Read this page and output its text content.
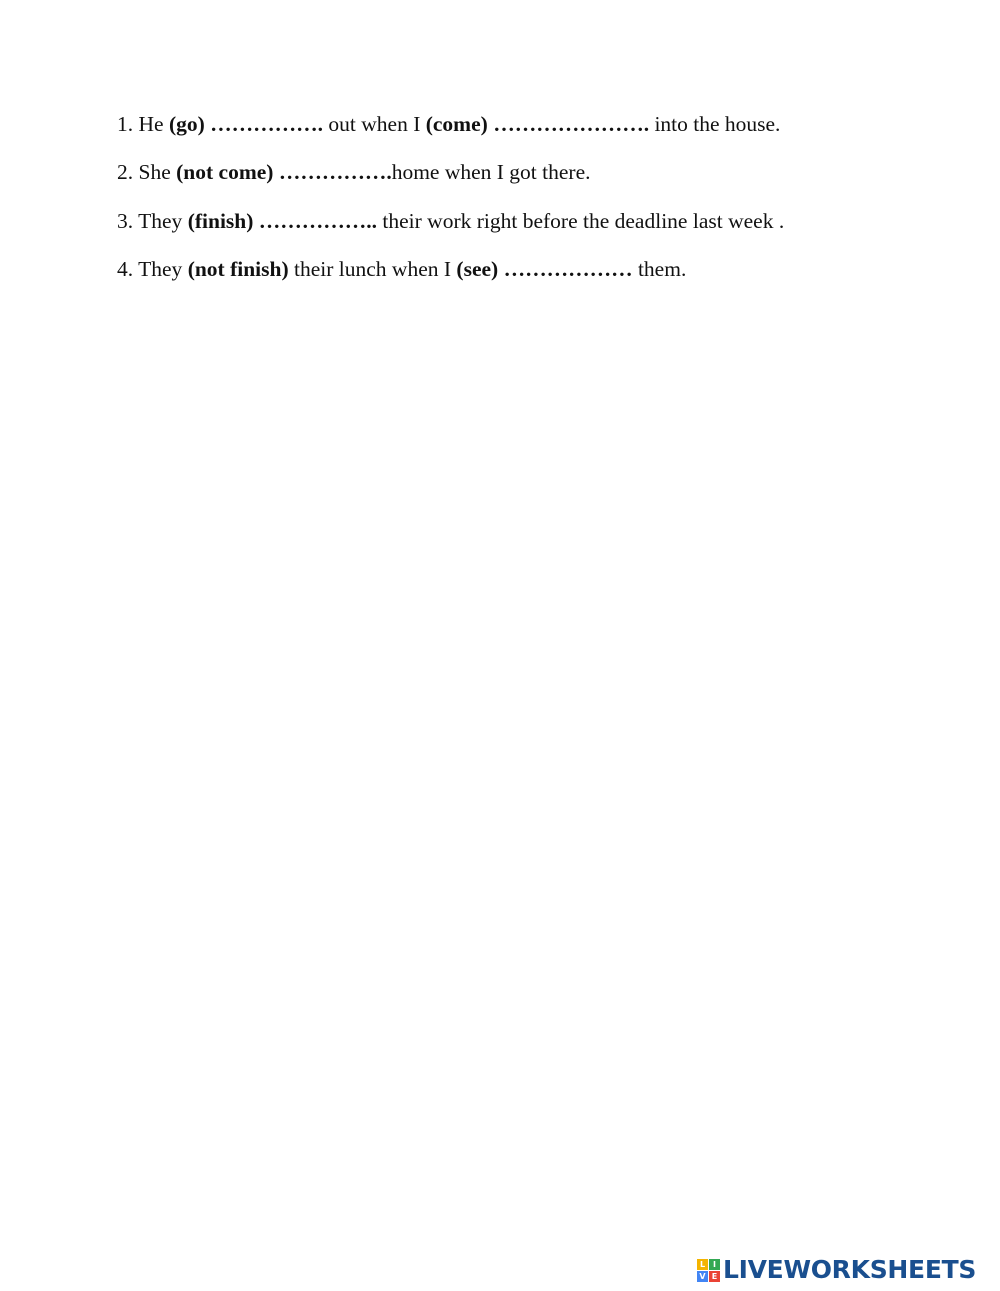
1. He (go) ……………. out when I (come) …………………. into the house.
2. She (not come) …………….home when I got there.
3. They (finish) …………….. their work right before the deadline last week .
4. They (not finish) their lunch when I (see) ……………… them.
L I
V E LIVEWORKSHEETS
